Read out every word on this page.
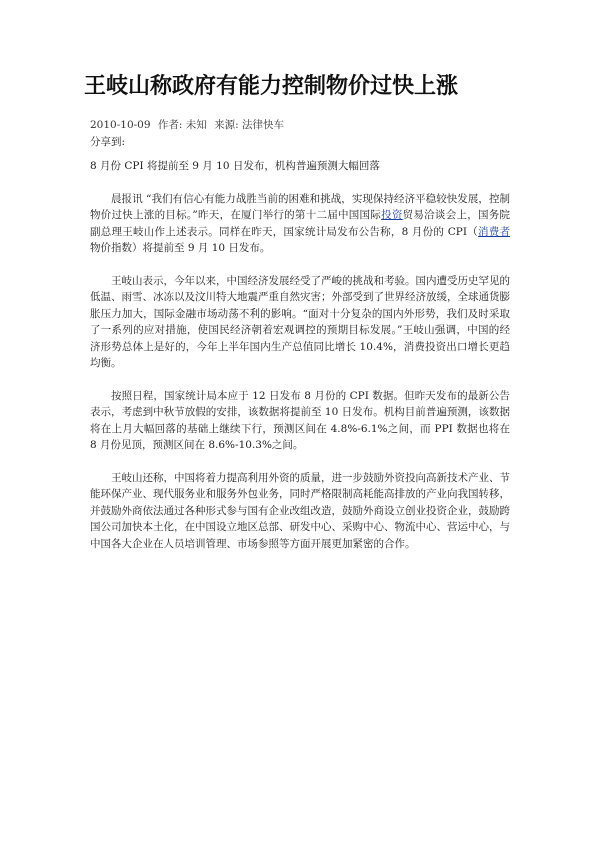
王岐山称政府有能力控制物价过快上涨
2010-10-09 作者: 未知 来源: 法律快车
分享到:

8 月份 CPI 将提前至 9 月 10 日发布，机构普遍预测大幅回落

晨报讯 “我们有信心有能力战胜当前的困难和挑战，实现保持经济平稳较快发展，控制物价过快上涨的目标。”昨天，在厦门举行的第十二届中国国际投资贸易洽谈会上，国务院副总理王岐山作上述表示。同样在昨天，国家统计局发布公告称，8 月份的 CPI（消费者物价指数）将提前至 9 月 10 日发布。

王岐山表示，今年以来，中国经济发展经受了严峻的挑战和考验。国内遭受历史罕见的低温、雨雪、冰冻以及汶川特大地震严重自然灾害；外部受到了世界经济放缓，全球通货膨胀压力加大，国际金融市场动荡不利的影响。“面对十分复杂的国内外形势，我们及时采取了一系列的应对措施，使国民经济朝着宏观调控的预期目标发展。”王岐山强调，中国的经济形势总体上是好的，今年上半年国内生产总值同比增长 10.4%，消费投资出口增长更趋均衡。

按照日程，国家统计局本应于 12 日发布 8 月份的 CPI 数据。但昨天发布的最新公告表示，考虑到中秋节放假的安排，该数据将提前至 10 日发布。机构目前普遍预测，该数据将在上月大幅回落的基础上继续下行，预测区间在 4.8%-6.1%之间，而 PPI 数据也将在 8 月份见顶，预测区间在 8.6%-10.3%之间。

王岐山还称，中国将着力提高利用外资的质量，进一步鼓励外资投向高新技术产业、节能环保产业、现代服务业和服务外包业务，同时严格限制高耗能高排放的产业向我国转移，并鼓励外商依法通过各种形式参与国有企业改组改造，鼓励外商设立创业投资企业，鼓励跨国公司加快本土化，在中国设立地区总部、研发中心、采购中心、物流中心、营运中心，与中国各大企业在人员培训管理、市场参照等方面开展更加紧密的合作。
